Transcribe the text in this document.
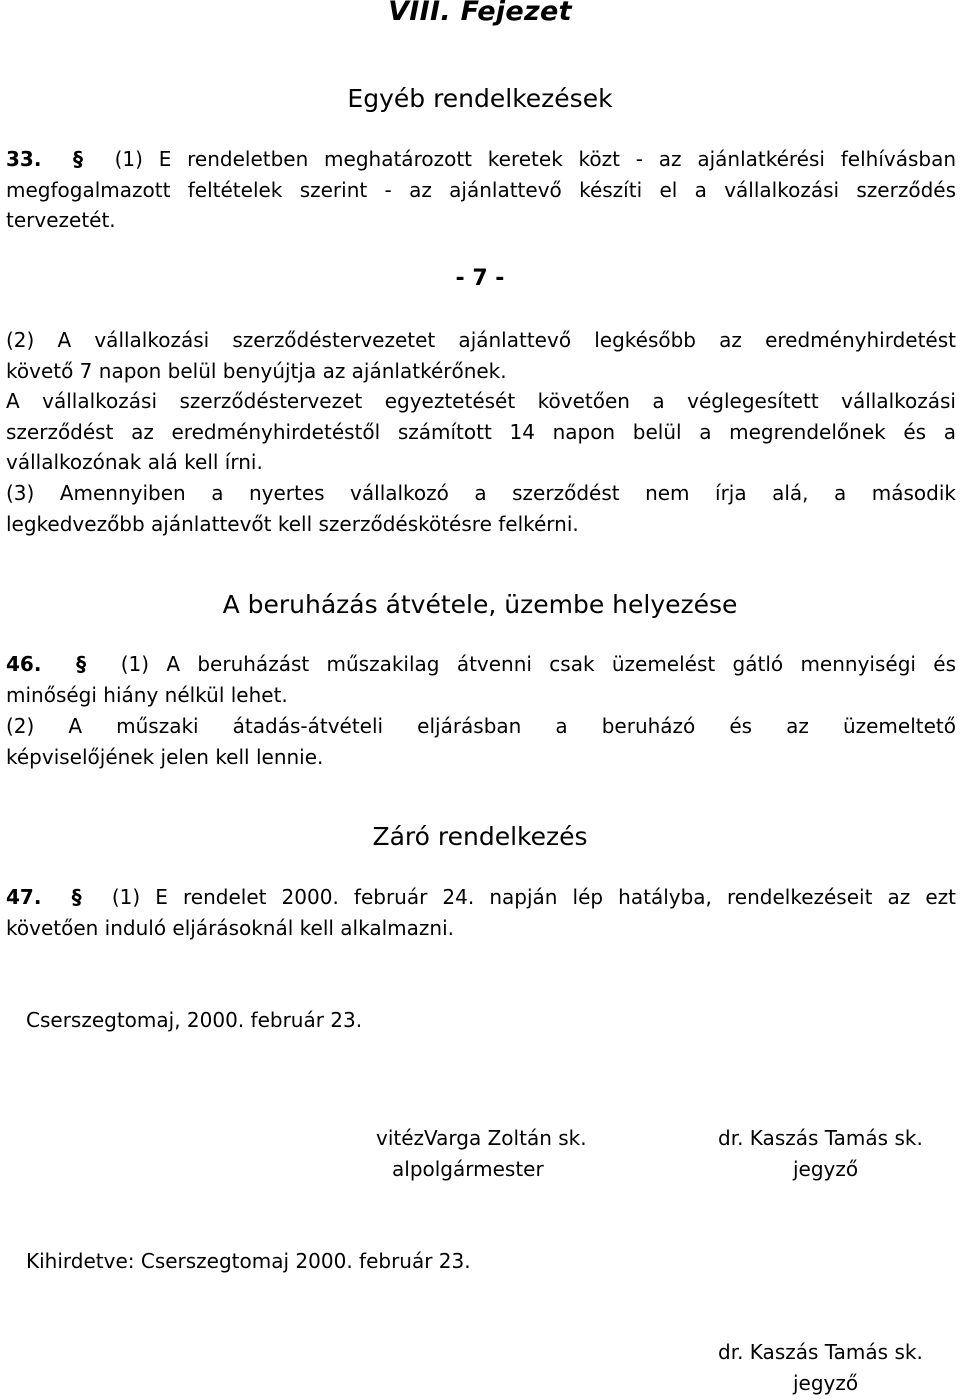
VIII. Fejezet
Egyéb rendelkezések
33. § (1) E rendeletben meghatározott keretek közt - az ajánlatkérési felhívásban
megfogalmazott feltételek szerint - az ajánlattevő készíti el a vállalkozási szerződés
tervezetét.
- 7 -
(2) A vállalkozási szerződéstervezetet ajánlattevő legkésőbb az eredményhirdetést
követő 7 napon belül benyújtja az ajánlatkérőnek.
A vállalkozási szerződéstervezet egyeztetését követően a véglegesített vállalkozási
szerződést az eredményhirdetéstől számított 14 napon belül a megrendelőnek és a
vállalkozónak alá kell írni.
(3) Amennyiben a nyertes vállalkozó a szerződést nem írja alá, a második
legkedvezőbb ajánlattevőt kell szerződéskötésre felkérni.
A beruházás átvétele, üzembe helyezése
46. § (1) A beruházást műszakilag átvenni csak üzemelést gátló mennyiségi és
minőségi hiány nélkül lehet.
(2) A műszaki átadás-átvételi eljárásban a beruházó és az üzemeltető
képviselőjének jelen kell lennie.
Záró rendelkezés
47. § (1) E rendelet 2000. február 24. napján lép hatályba, rendelkezéseit az ezt
követően induló eljárásoknál kell alkalmazni.
Cserszegtomaj, 2000. február 23.
vitézVarga Zoltán sk.
alpolgármester
dr. Kaszás Tamás sk.
jegyző
Kihirdetve: Cserszegtomaj 2000. február 23.
dr. Kaszás Tamás sk.
jegyző
